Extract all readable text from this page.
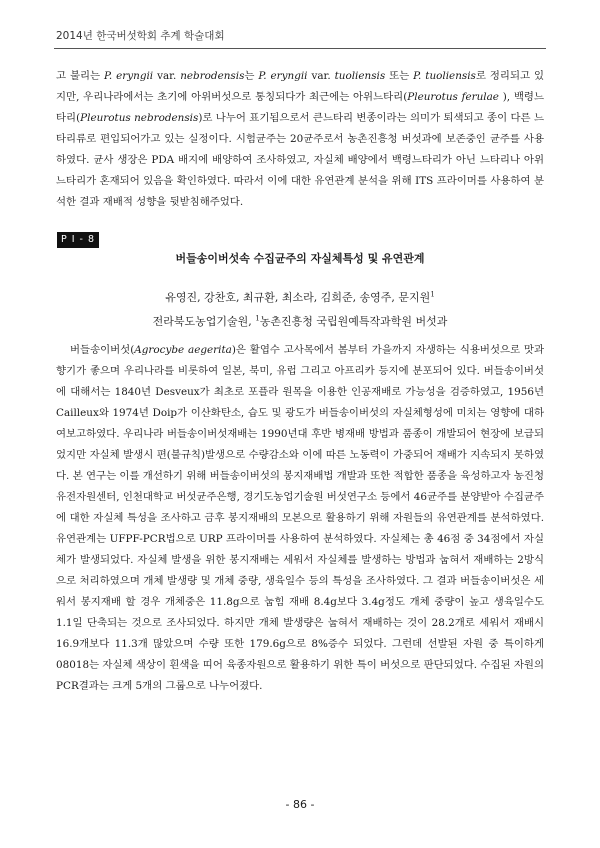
2014년 한국버섯학회 추계 학술대회

고 불리는 P. eryngii var. nebrodensis는 P. eryngii var. tuoliensis 또는 P. tuoliensis로 정리되고 있지만, 우리나라에서는 초기에 아위버섯으로 통칭되다가 최근에는 아위느타리(Pleurotus ferulae ), 백령느타리(Pleurotus nebrodensis)로 나누어 표기됨으로서 큰느타리 변종이라는 의미가 퇴색되고 종이 다른 느타리류로 편입되어가고 있는 실정이다. 시험균주는 20균주로서 농촌진흥청 버섯과에 보존중인 균주를 사용하였다. 균사 생장은 PDA 배지에 배양하여 조사하였고, 자실체 배양에서 백령느타리가 아닌 느타리나 아위느타리가 혼재되어 있음을 확인하였다. 따라서 이에 대한 유연관계 분석을 위해 ITS 프라이머를 사용하여 분석한 결과 재배적 성향을 뒷받침해주었다.

P I - 8
버들송이버섯속 수집균주의 자실체특성 및 유연관계
유영진, 강찬호, 최규환, 최소라, 김희준, 송영주, 문지원$^1$
전라북도농업기술원, $^1$농촌진흥청 국립원예특작과학원 버섯과

버들송이버섯(Agrocybe aegerita)은 활엽수 고사목에서 봄부터 가을까지 자생하는 식용버섯으로 맛과 향기가 좋으며 우리나라를 비롯하여 일본, 북미, 유럽 그리고 아프리카 등지에 분포되어 있다. 버들송이버섯에 대해서는 1840년 Desveux가 최초로 포플라 원목을 이용한 인공재배로 가능성을 검증하였고, 1956년 Cailleux와 1974년 Doip가 이산화탄소, 습도 및 광도가 버들송이버섯의 자실체형성에 미치는 영향에 대하여보고하였다. 우리나라 버들송이버섯재배는 1990년대 후반 병재배 방법과 품종이 개발되어 현장에 보급되었지만 자실체 발생시 편(불규칙)발생으로 수량감소와 이에 따른 노동력이 가중되어 재배가 지속되지 못하였다. 본 연구는 이를 개선하기 위해 버들송이버섯의 봉지재배법 개발과 또한 적합한 품종을 육성하고자 농진청유전자원센터, 인천대학교 버섯균주은행, 경기도농업기술원 버섯연구소 등에서 46균주를 분양받아 수집균주에 대한 자실체 특성을 조사하고 금후 봉지재배의 모본으로 활용하기 위해 자원들의 유연관계를 분석하였다. 유연관계는 UFPF-PCR법으로 URP 프라이머를 사용하여 분석하였다. 자실체는 총 46점 중 34점에서 자실체가 발생되었다. 자실체 발생을 위한 봉지재배는 세워서 자실체를 발생하는 방법과 눕혀서 재배하는 2방식으로 처리하였으며 개체 발생량 및 개체 중량, 생육일수 등의 특성을 조사하였다. 그 결과 버들송이버섯은 세워서 봉지재배 할 경우 개체중은 11.8g으로 눕힘 재배 8.4g보다 3.4g정도 개체 중량이 높고 생육일수도 1.1일 단축되는 것으로 조사되었다. 하지만 개체 발생량은 눕혀서 재배하는 것이 28.2개로 세워서 재배시 16.9개보다 11.3개 많았으며 수량 또한 179.6g으로 8%증수 되었다. 그런데 선발된 자원 중 특이하게 08018는 자실체 색상이 흰색을 띠어 육종자원으로 활용하기 위한 특이 버섯으로 판단되었다. 수집된 자원의 PCR결과는 크게 5개의 그룹으로 나누어졌다.

- 86 -
